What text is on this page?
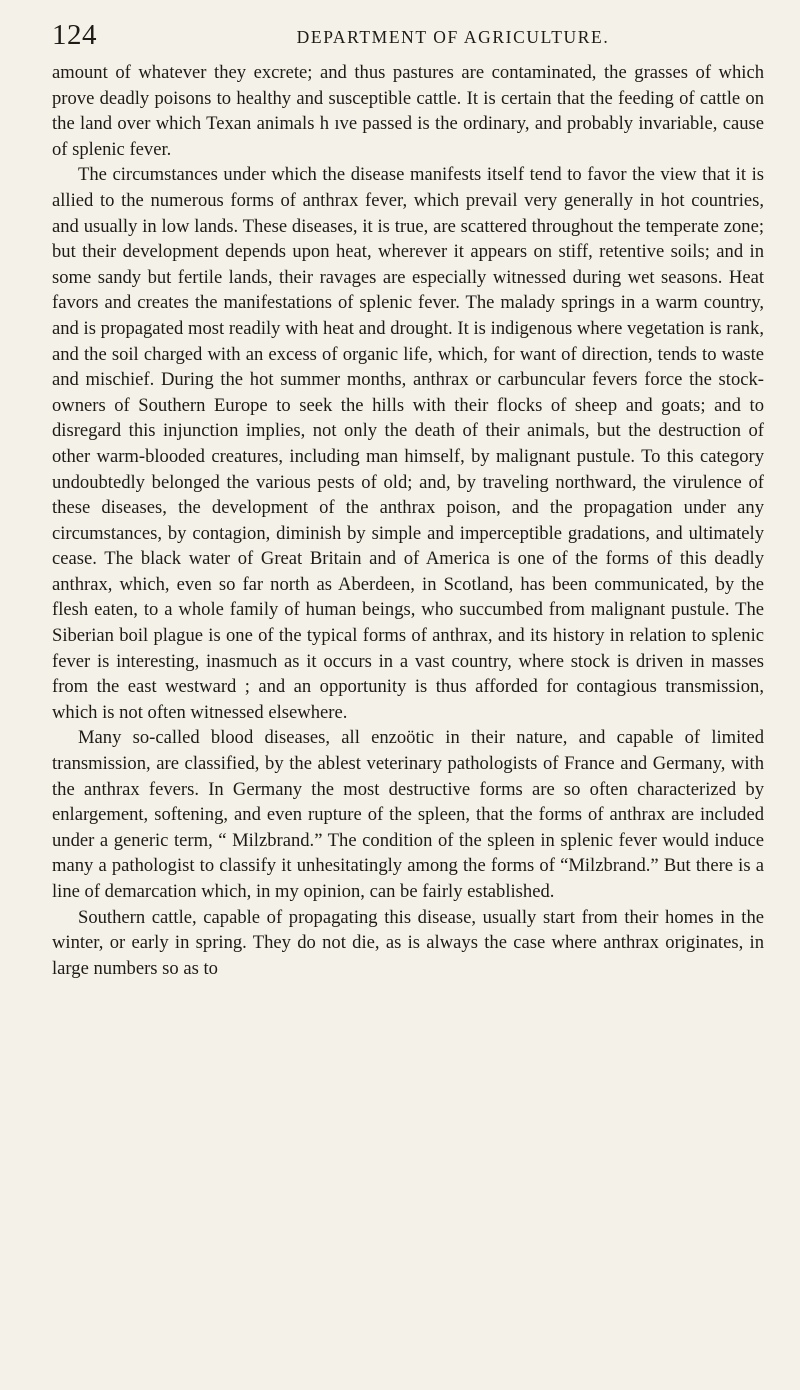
124	DEPARTMENT OF AGRICULTURE.

amount of whatever they excrete; and thus pastures are contaminated, the grasses of which prove deadly poisons to healthy and susceptible cattle. It is certain that the feeding of cattle on the land over which Texan animals h ıve passed is the ordinary, and probably invariable, cause of splenic fever.

The circumstances under which the disease manifests itself tend to favor the view that it is allied to the numerous forms of anthrax fever, which prevail very generally in hot countries, and usually in low lands. These diseases, it is true, are scattered throughout the temperate zone; but their development depends upon heat, wherever it appears on stiff, retentive soils; and in some sandy but fertile lands, their ravages are especially witnessed during wet seasons. Heat favors and creates the manifestations of splenic fever. The malady springs in a warm country, and is propagated most readily with heat and drought. It is indigenous where vegetation is rank, and the soil charged with an excess of organic life, which, for want of direction, tends to waste and mischief. During the hot summer months, anthrax or carbuncular fevers force the stock-owners of Southern Europe to seek the hills with their flocks of sheep and goats; and to disregard this injunction implies, not only the death of their animals, but the destruction of other warm-blooded creatures, including man himself, by malignant pustule. To this category undoubtedly belonged the various pests of old; and, by traveling northward, the virulence of these diseases, the development of the anthrax poison, and the propagation under any circumstances, by contagion, diminish by simple and imperceptible gradations, and ultimately cease. The black water of Great Britain and of America is one of the forms of this deadly anthrax, which, even so far north as Aberdeen, in Scotland, has been communicated, by the flesh eaten, to a whole family of human beings, who succumbed from malignant pustule. The Siberian boil plague is one of the typical forms of anthrax, and its history in relation to splenic fever is interesting, inasmuch as it occurs in a vast country, where stock is driven in masses from the east westward ; and an opportunity is thus afforded for contagious transmission, which is not often witnessed elsewhere.

Many so-called blood diseases, all enzoötic in their nature, and capable of limited transmission, are classified, by the ablest veterinary pathologists of France and Germany, with the anthrax fevers. In Germany the most destructive forms are so often characterized by enlargement, softening, and even rupture of the spleen, that the forms of anthrax are included under a generic term, “ Milzbrand.” The condition of the spleen in splenic fever would induce many a pathologist to classify it unhesitatingly among the forms of “Milzbrand.” But there is a line of demarcation which, in my opinion, can be fairly established.

Southern cattle, capable of propagating this disease, usually start from their homes in the winter, or early in spring. They do not die, as is always the case where anthrax originates, in large numbers so as to
